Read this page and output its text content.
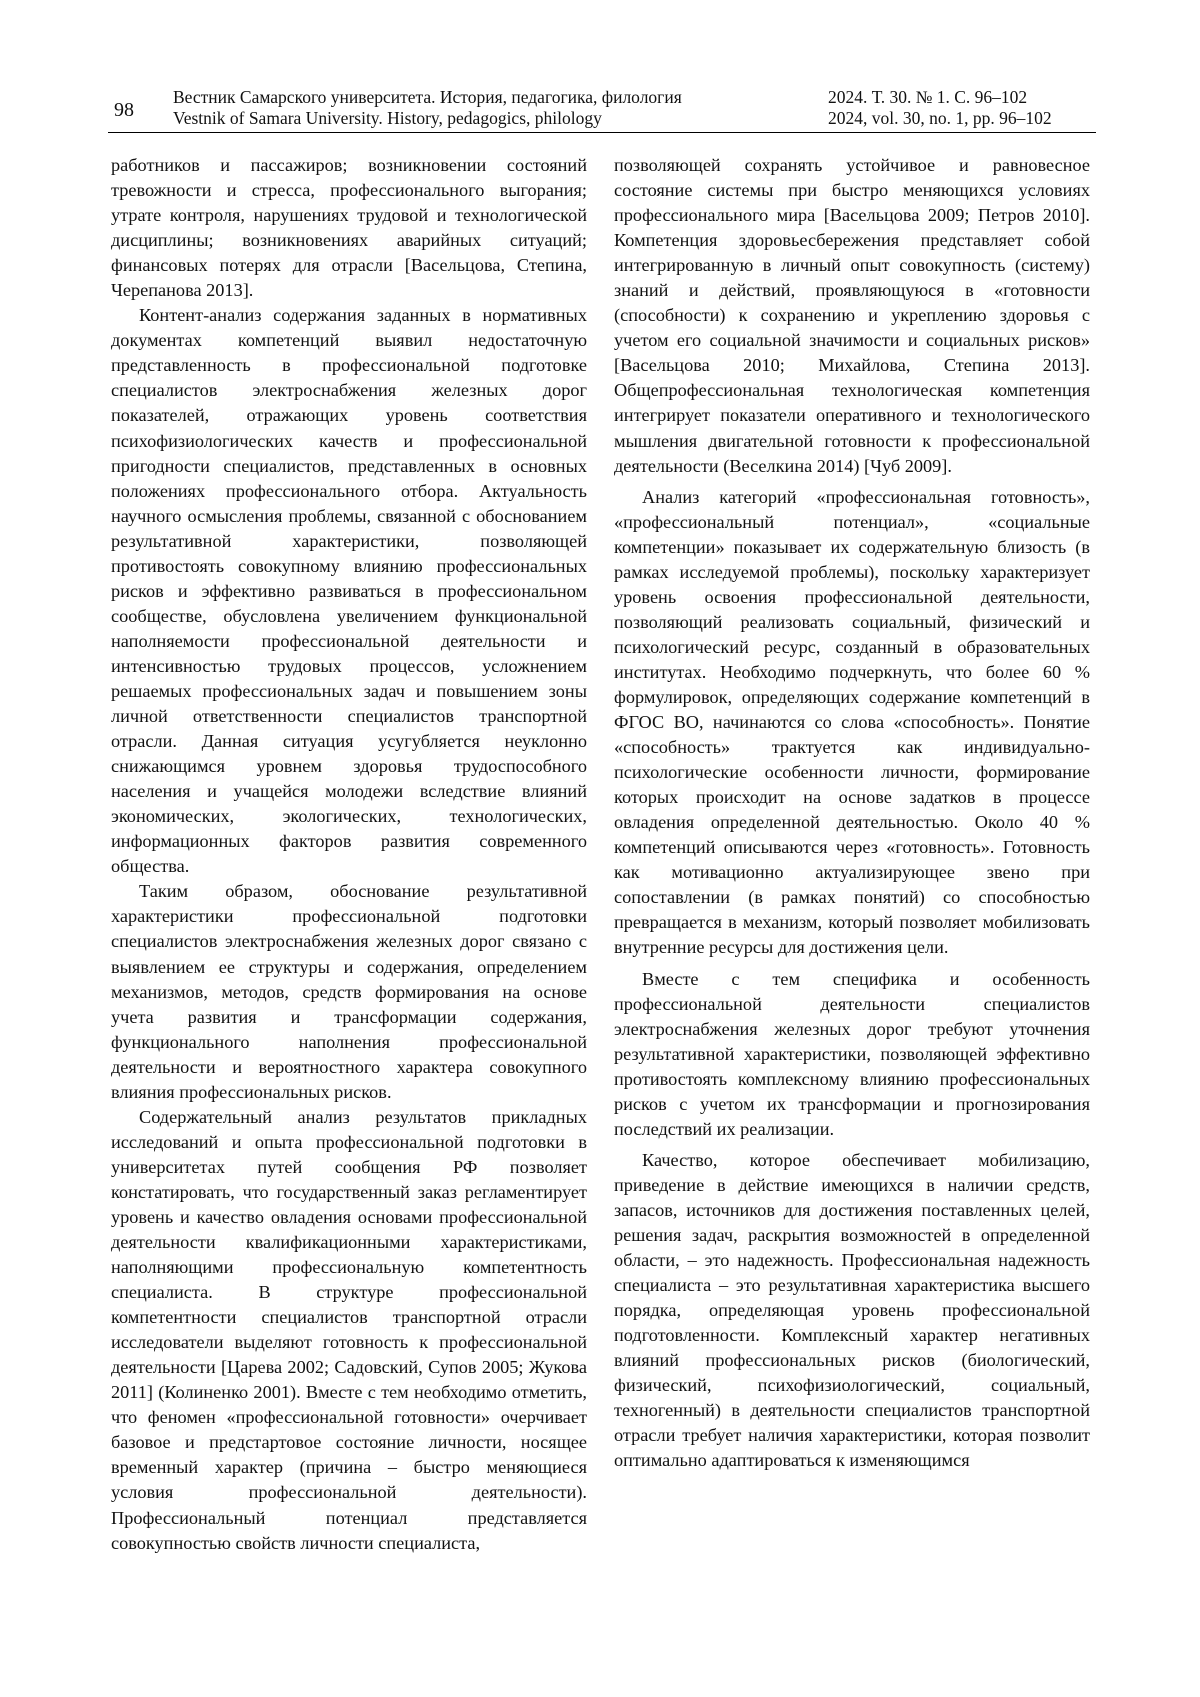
98
Вестник Самарского университета. История, педагогика, филология
Vestnik of Samara University. History, pedagogics, philology
2024. Т. 30. № 1. С. 96–102
2024, vol. 30, no. 1, pp. 96–102

работников и пассажиров; возникновении состояний тревожности и стресса, профессионального выгорания; утрате контроля, нарушениях трудовой и технологической дисциплины; возникновениях аварийных ситуаций; финансовых потерях для отрасли [Васельцова, Степина, Черепанова 2013].

Контент-анализ содержания заданных в нормативных документах компетенций выявил недостаточную представленность в профессиональной подготовке специалистов электроснабжения железных дорог показателей, отражающих уровень соответствия психофизиологических качеств и профессиональной пригодности специалистов, представленных в основных положениях профессионального отбора. Актуальность научного осмысления проблемы, связанной с обоснованием результативной характеристики, позволяющей противостоять совокупному влиянию профессиональных рисков и эффективно развиваться в профессиональном сообществе, обусловлена увеличением функциональной наполняемости профессиональной деятельности и интенсивностью трудовых процессов, усложнением решаемых профессиональных задач и повышением зоны личной ответственности специалистов транспортной отрасли. Данная ситуация усугубляется неуклонно снижающимся уровнем здоровья трудоспособного населения и учащейся молодежи вследствие влияний экономических, экологических, технологических, информационных факторов развития современного общества.

Таким образом, обоснование результативной характеристики профессиональной подготовки специалистов электроснабжения железных дорог связано с выявлением ее структуры и содержания, определением механизмов, методов, средств формирования на основе учета развития и трансформации содержания, функционального наполнения профессиональной деятельности и вероятностного характера совокупного влияния профессиональных рисков.

Содержательный анализ результатов прикладных исследований и опыта профессиональной подготовки в университетах путей сообщения РФ позволяет констатировать, что государственный заказ регламентирует уровень и качество овладения основами профессиональной деятельности квалификационными характеристиками, наполняющими профессиональную компетентность специалиста. В структуре профессиональной компетентности специалистов транспортной отрасли исследователи выделяют готовность к профессиональной деятельности [Царева 2002; Садовский, Супов 2005; Жукова 2011] (Колиненко 2001). Вместе с тем необходимо отметить, что феномен «профессиональной готовности» очерчивает базовое и предстартовое состояние личности, носящее временный характер (причина – быстро меняющиеся условия профессиональной деятельности). Профессиональный потенциал представляется совокупностью свойств личности специалиста,

позволяющей сохранять устойчивое и равновесное состояние системы при быстро меняющихся условиях профессионального мира [Васельцова 2009; Петров 2010]. Компетенция здоровьесбережения представляет собой интегрированную в личный опыт совокупность (систему) знаний и действий, проявляющуюся в «готовности (способности) к сохранению и укреплению здоровья с учетом его социальной значимости и социальных рисков» [Васельцова 2010; Михайлова, Степина 2013]. Общепрофессиональная технологическая компетенция интегрирует показатели оперативного и технологического мышления двигательной готовности к профессиональной деятельности (Веселкина 2014) [Чуб 2009].

Анализ категорий «профессиональная готовность», «профессиональный потенциал», «социальные компетенции» показывает их содержательную близость (в рамках исследуемой проблемы), поскольку характеризует уровень освоения профессиональной деятельности, позволяющий реализовать социальный, физический и психологический ресурс, созданный в образовательных институтах. Необходимо подчеркнуть, что более 60 % формулировок, определяющих содержание компетенций в ФГОС ВО, начинаются со слова «способность». Понятие «способность» трактуется как индивидуально-психологические особенности личности, формирование которых происходит на основе задатков в процессе овладения определенной деятельностью. Около 40 % компетенций описываются через «готовность». Готовность как мотивационно актуализирующее звено при сопоставлении (в рамках понятий) со способностью превращается в механизм, который позволяет мобилизовать внутренние ресурсы для достижения цели.

Вместе с тем специфика и особенность профессиональной деятельности специалистов электроснабжения железных дорог требуют уточнения результативной характеристики, позволяющей эффективно противостоять комплексному влиянию профессиональных рисков с учетом их трансформации и прогнозирования последствий их реализации.

Качество, которое обеспечивает мобилизацию, приведение в действие имеющихся в наличии средств, запасов, источников для достижения поставленных целей, решения задач, раскрытия возможностей в определенной области, – это надежность. Профессиональная надежность специалиста – это результативная характеристика высшего порядка, определяющая уровень профессиональной подготовленности. Комплексный характер негативных влияний профессиональных рисков (биологический, физический, психофизиологический, социальный, техногенный) в деятельности специалистов транспортной отрасли требует наличия характеристики, которая позволит оптимально адаптироваться к изменяющимся
